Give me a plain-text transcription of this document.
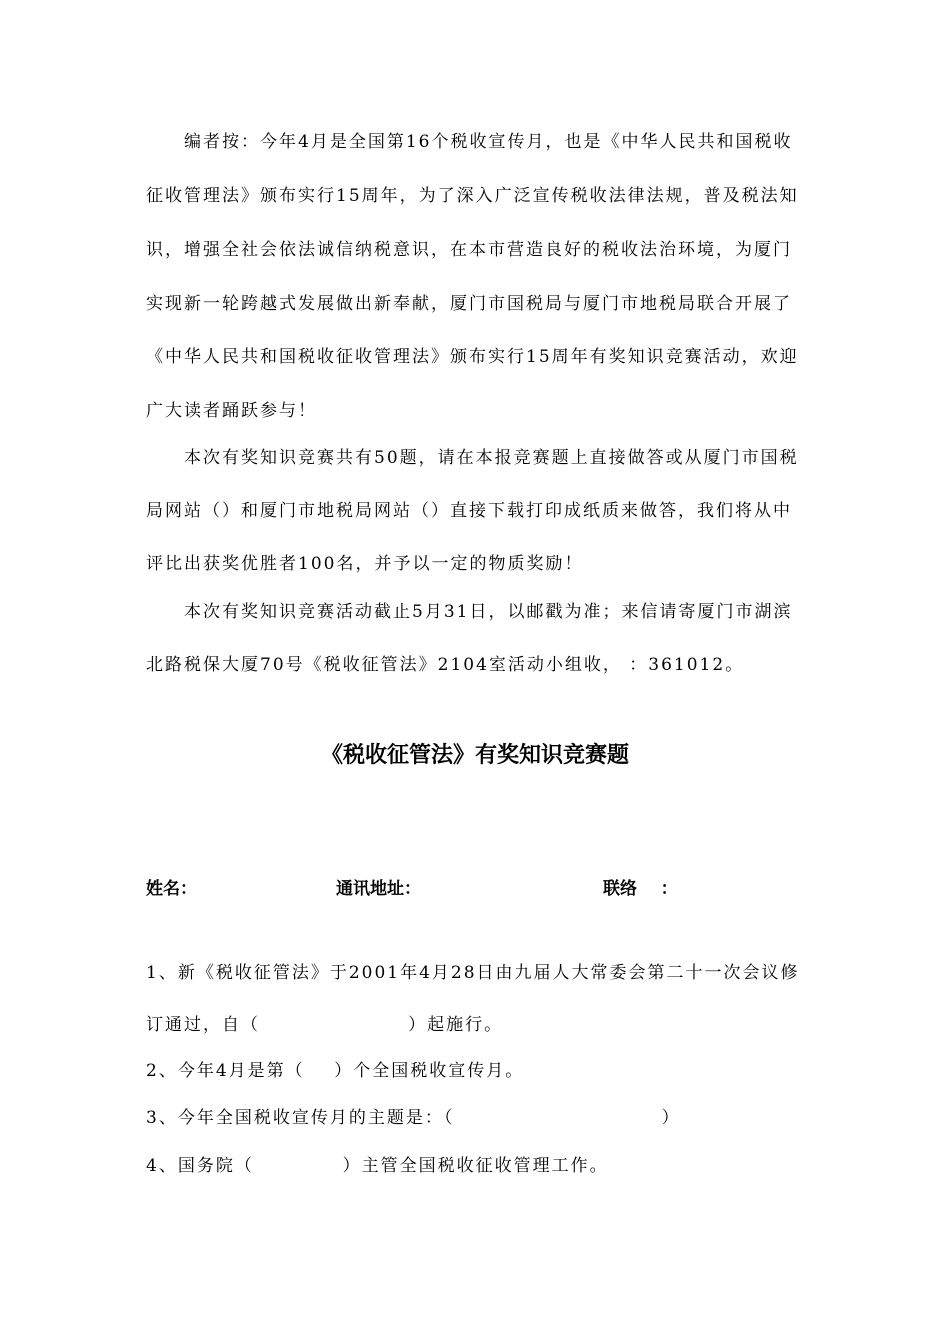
编者按：今年4月是全国第16个税收宣传月，也是《中华人民共和国税收
征收管理法》颁布实行15周年，为了深入广泛宣传税收法律法规，普及税法知
识，增强全社会依法诚信纳税意识，在本市营造良好的税收法治环境，为厦门
实现新一轮跨越式发展做出新奉献，厦门市国税局与厦门市地税局联合开展了
《中华人民共和国税收征收管理法》颁布实行15周年有奖知识竞赛活动，欢迎
广大读者踊跃参与！
本次有奖知识竞赛共有50题，请在本报竞赛题上直接做答或从厦门市国税
局网站（）和厦门市地税局网站（）直接下载打印成纸质来做答，我们将从中
评比出获奖优胜者100名，并予以一定的物质奖励！
本次有奖知识竞赛活动截止5月31日，以邮戳为准；来信请寄厦门市湖滨
北路税保大厦70号《税收征管法》2104室活动小组收， ：361012。
《税收征管法》有奖知识竞赛题
姓名：	通讯地址：	联络    ：
1、新《税收征管法》于2001年4月28日由九届人大常委会第二十一次会议修
订通过，自（                    ）起施行。
2、今年4月是第（    ）个全国税收宣传月。
3、今年全国税收宣传月的主题是：（                            ）
4、国务院（            ）主管全国税收征收管理工作。
